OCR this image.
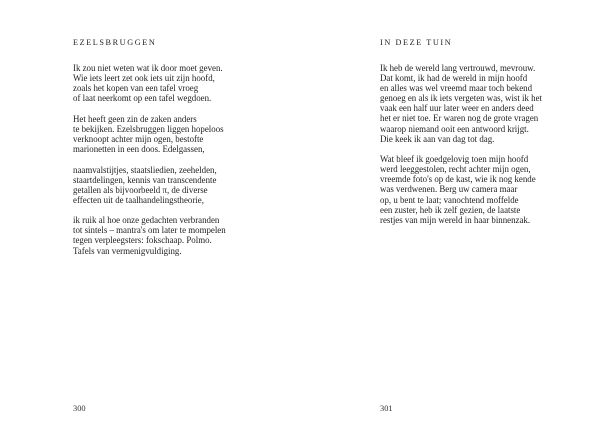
EZELSBRUGGEN
Ik zou niet weten wat ik door moet geven.
Wie iets leert zet ook iets uit zijn hoofd,
zoals het kopen van een tafel vroeg
of laat neerkomt op een tafel wegdoen.
Het heeft geen zin de zaken anders
te bekijken. Ezelsbruggen liggen hopeloos
verknoopt achter mijn ogen, bestofte
marionetten in een doos. Edelgassen,
naamvalstijtjes, staatsliedien, zeehelden,
staartdelingen, kennis van transcendente
getallen als bijvoorbeeld π, de diverse
effecten uit de taalhandelingstheorie,
ik ruik al hoe onze gedachten verbranden
tot sintels – mantra's om later te mompelen
tegen verpleegsters: fokschaap. Polmo.
Tafels van vermenigvuldiging.
300
IN DEZE TUIN
Ik heb de wereld lang vertrouwd, mevrouw.
Dat komt, ik had de wereld in mijn hoofd
en alles was wel vreemd maar toch bekend
genoeg en als ik iets vergeten was, wist ik het
vaak een half uur later weer en anders deed
het er niet toe. Er waren nog de grote vragen
waarop niemand ooit een antwoord krijgt.
Die keek ik aan van dag tot dag.
Wat bleef ik goedgelovig toen mijn hoofd
werd leeggestolen, recht achter mijn ogen,
vreemde foto's op de kast, wie ik nog kende
was verdwenen. Berg uw camera maar
op, u bent te laat; vanochtend moffelde
een zuster, heb ik zelf gezien, de laatste
restjes van mijn wereld in haar binnenzak.
301
